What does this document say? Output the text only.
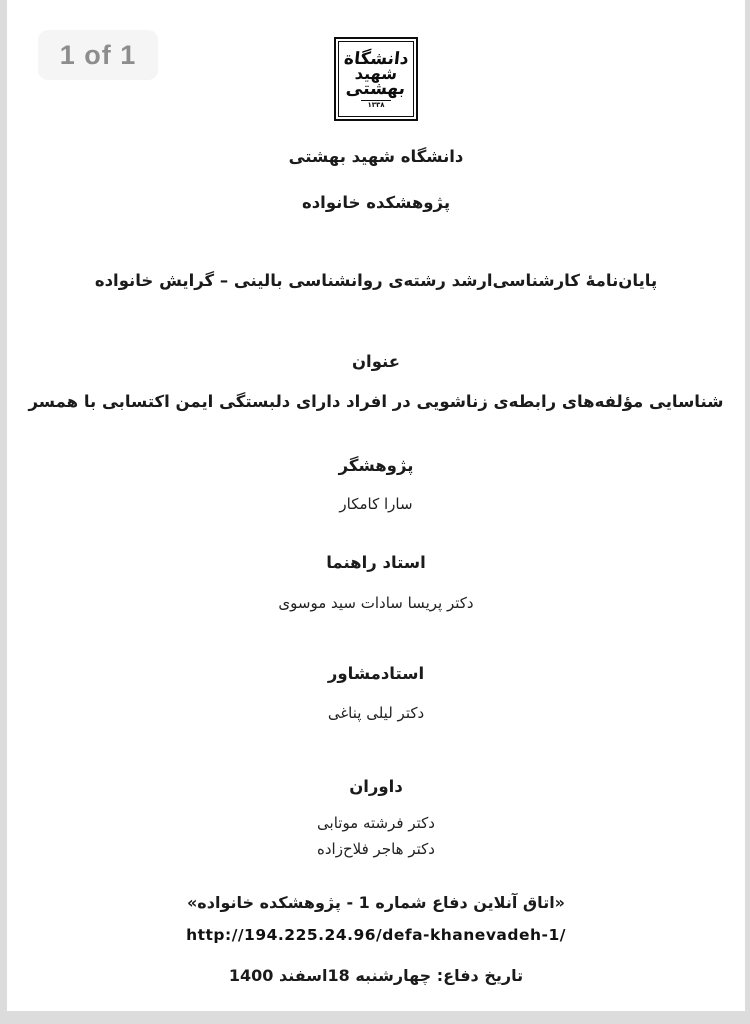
1 of 1	دانشگاة
شهید
بهشتی
۱۳۳۸
دانشگاه شهید بهشتی
پژوهشکده خانواده
پایان‌نامهٔ کارشناسی‌ارشد رشته‌ی روانشناسی بالینی – گرایش خانواده
عنوان
شناسایی مؤلفه‌های رابطه‌ی زناشویی در افراد دارای دلبستگی ایمن اکتسابی با همسر
پژوهشگر
سارا کامکار
استاد راهنما
دکتر پریسا سادات سید موسوی
استادمشاور
دکتر لیلی پناغی
داوران
دکتر فرشته موتابی
دکتر هاجر فلاح‌زاده
«اتاق آنلاین دفاع شماره 1 - پژوهشکده خانواده»
http://194.225.24.96/defa-khanevadeh-1/
تاریخ دفاع: چهارشنبه 18اسفند 1400
